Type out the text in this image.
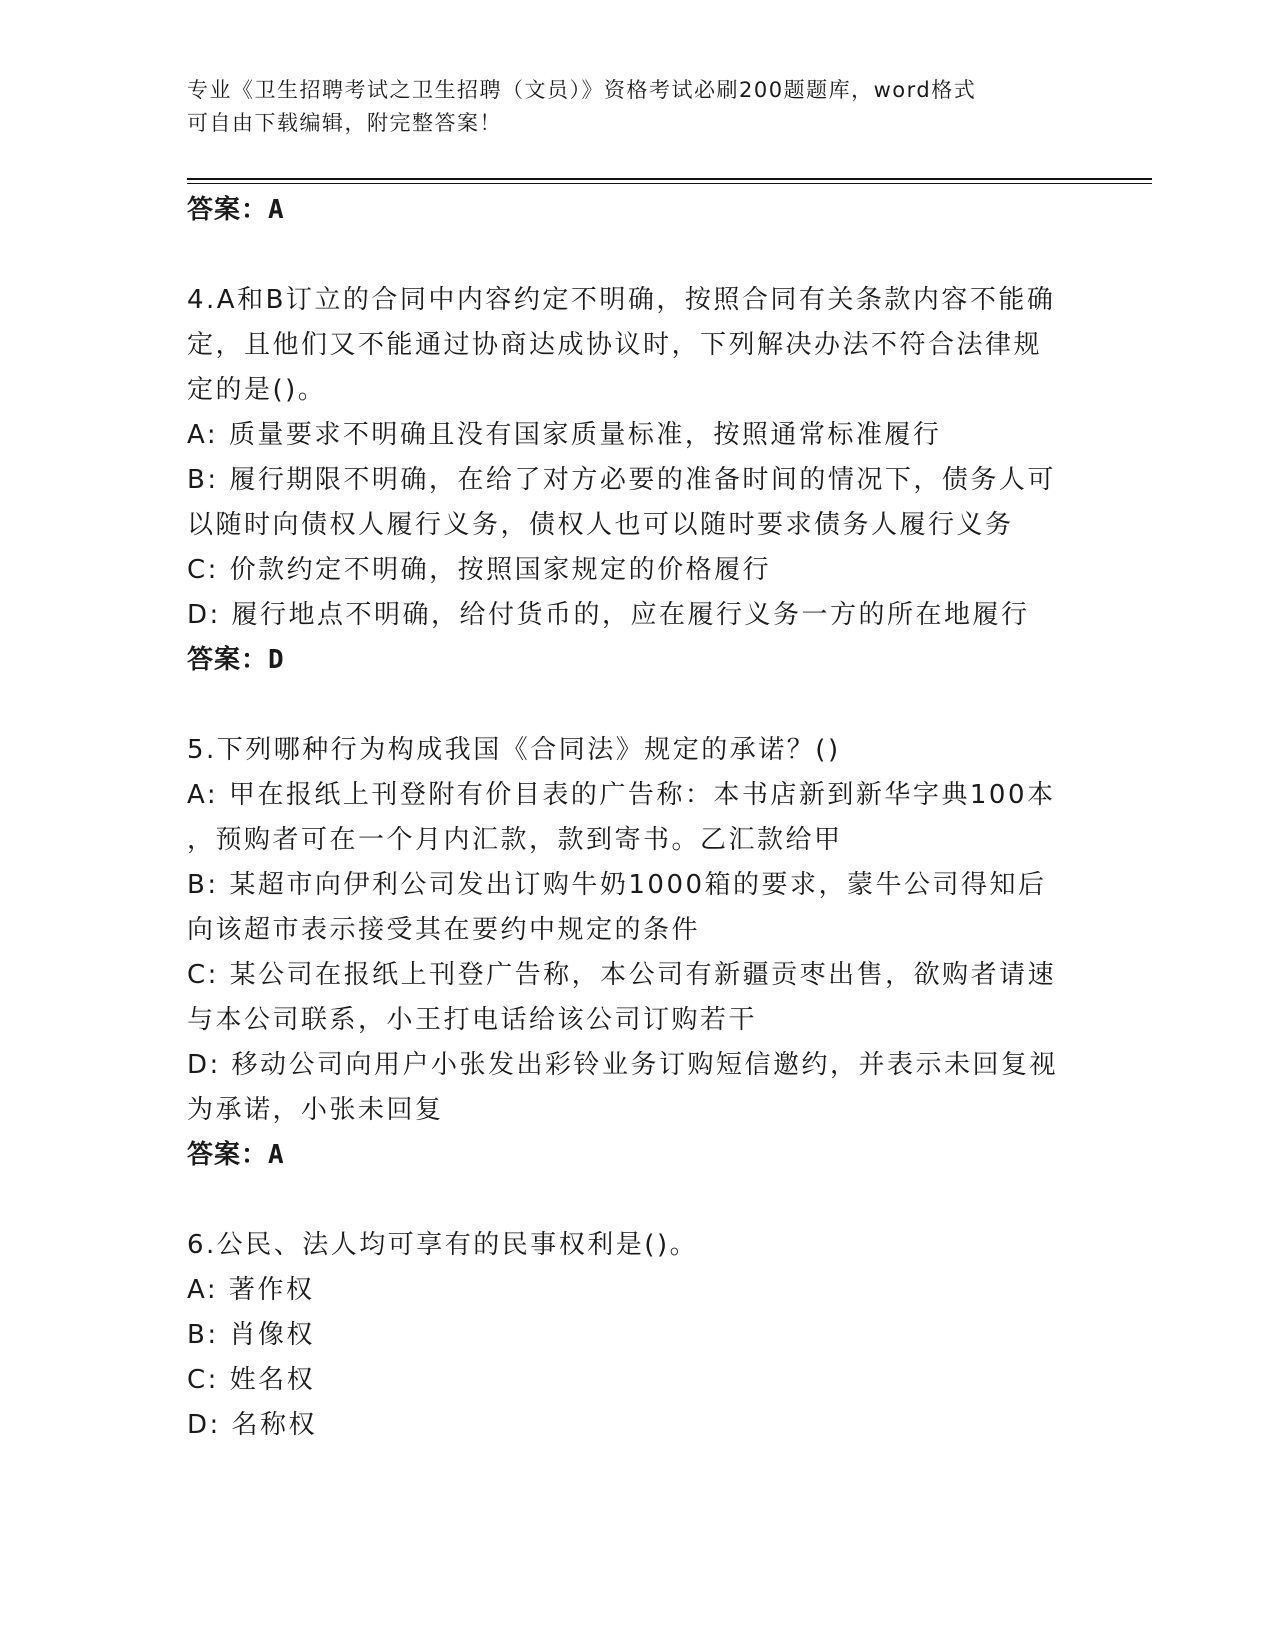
专业《卫生招聘考试之卫生招聘（文员）》资格考试必刷200题题库，word格式
可自由下载编辑，附完整答案！
答案：A
4.A和B订立的合同中内容约定不明确，按照合同有关条款内容不能确
定，且他们又不能通过协商达成协议时，下列解决办法不符合法律规
定的是()。
A: 质量要求不明确且没有国家质量标准，按照通常标准履行
B: 履行期限不明确，在给了对方必要的准备时间的情况下，债务人可
以随时向债权人履行义务，债权人也可以随时要求债务人履行义务
C: 价款约定不明确，按照国家规定的价格履行
D: 履行地点不明确，给付货币的，应在履行义务一方的所在地履行
答案：D
5.下列哪种行为构成我国《合同法》规定的承诺？()
A: 甲在报纸上刊登附有价目表的广告称：本书店新到新华字典100本
，预购者可在一个月内汇款，款到寄书。乙汇款给甲
B: 某超市向伊利公司发出订购牛奶1000箱的要求，蒙牛公司得知后
向该超市表示接受其在要约中规定的条件
C: 某公司在报纸上刊登广告称，本公司有新疆贡枣出售，欲购者请速
与本公司联系，小王打电话给该公司订购若干
D: 移动公司向用户小张发出彩铃业务订购短信邀约，并表示未回复视
为承诺，小张未回复
答案：A
6.公民、法人均可享有的民事权利是()。
A: 著作权
B: 肖像权
C: 姓名权
D: 名称权
